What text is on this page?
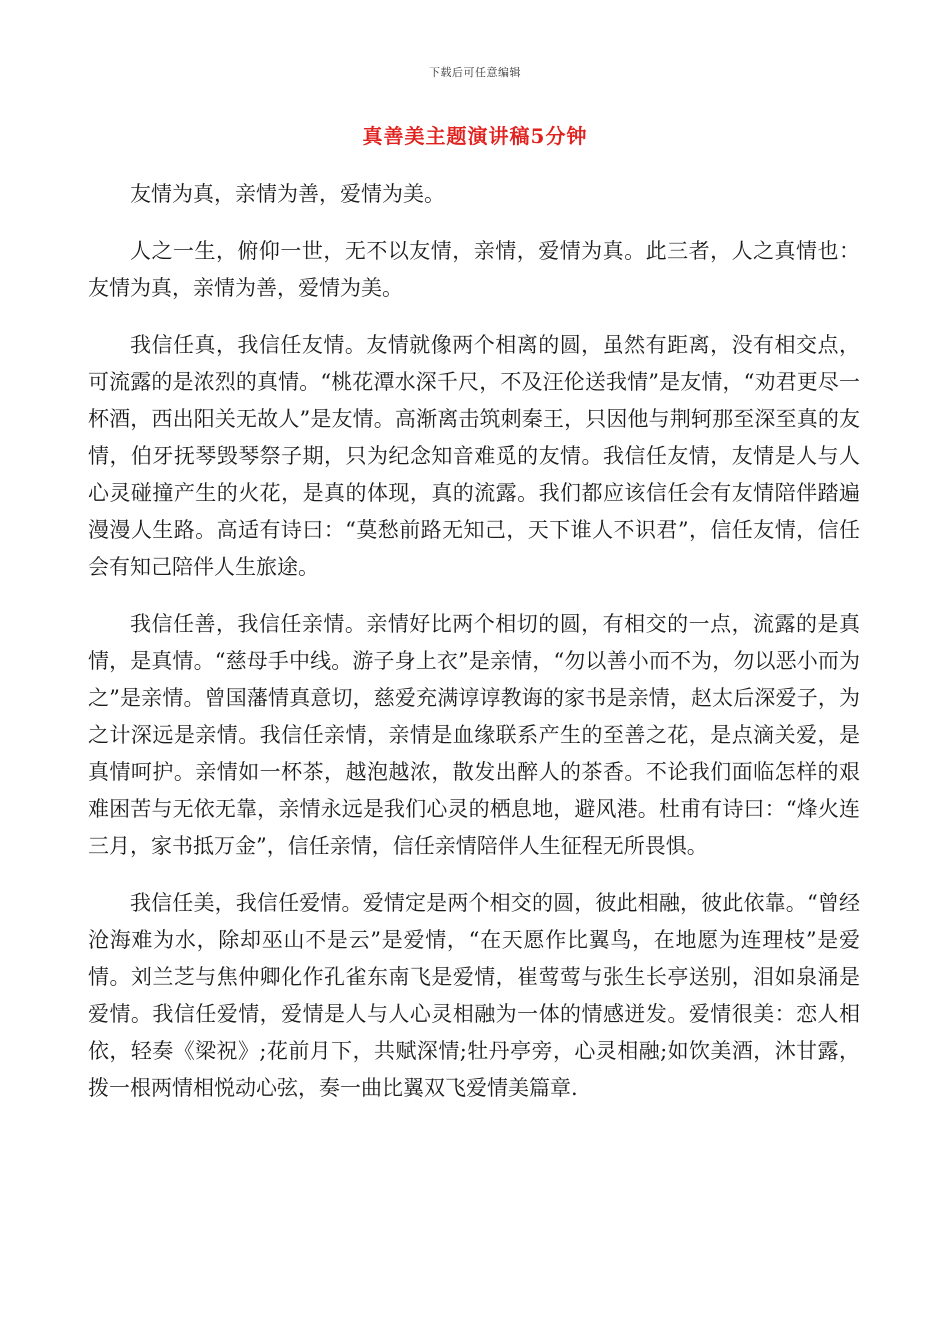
下载后可任意编辑
真善美主题演讲稿5分钟

友情为真，亲情为善，爱情为美。

人之一生，俯仰一世，无不以友情，亲情，爱情为真。此三者，人之真情也：友情为真，亲情为善，爱情为美。

我信任真，我信任友情。友情就像两个相离的圆，虽然有距离，没有相交点，可流露的是浓烈的真情。“桃花潭水深千尺，不及汪伦送我情”是友情，“劝君更尽一杯酒，西出阳关无故人”是友情。高渐离击筑刺秦王，只因他与荆轲那至深至真的友情，伯牙抚琴毁琴祭子期，只为纪念知音难觅的友情。我信任友情，友情是人与人心灵碰撞产生的火花，是真的体现，真的流露。我们都应该信任会有友情陪伴踏遍漫漫人生路。高适有诗曰：“莫愁前路无知己，天下谁人不识君”，信任友情，信任会有知己陪伴人生旅途。

我信任善，我信任亲情。亲情好比两个相切的圆，有相交的一点，流露的是真情，是真情。“慈母手中线。游子身上衣”是亲情，“勿以善小而不为，勿以恶小而为之”是亲情。曾国藩情真意切，慈爱充满谆谆教诲的家书是亲情，赵太后深爱子，为之计深远是亲情。我信任亲情，亲情是血缘联系产生的至善之花，是点滴关爱，是真情呵护。亲情如一杯茶，越泡越浓，散发出醉人的茶香。不论我们面临怎样的艰难困苦与无依无靠，亲情永远是我们心灵的栖息地，避风港。杜甫有诗曰：“烽火连三月，家书抵万金”，信任亲情，信任亲情陪伴人生征程无所畏惧。

我信任美，我信任爱情。爱情定是两个相交的圆，彼此相融，彼此依靠。“曾经沧海难为水，除却巫山不是云”是爱情，“在天愿作比翼鸟，在地愿为连理枝”是爱情。刘兰芝与焦仲卿化作孔雀东南飞是爱情，崔莺莺与张生长亭送别，泪如泉涌是爱情。我信任爱情，爱情是人与人心灵相融为一体的情感迸发。爱情很美：恋人相依，轻奏《梁祝》;花前月下，共赋深情;牡丹亭旁，心灵相融;如饮美酒，沐甘露，拨一根两情相悦动心弦，奏一曲比翼双飞爱情美篇章.
